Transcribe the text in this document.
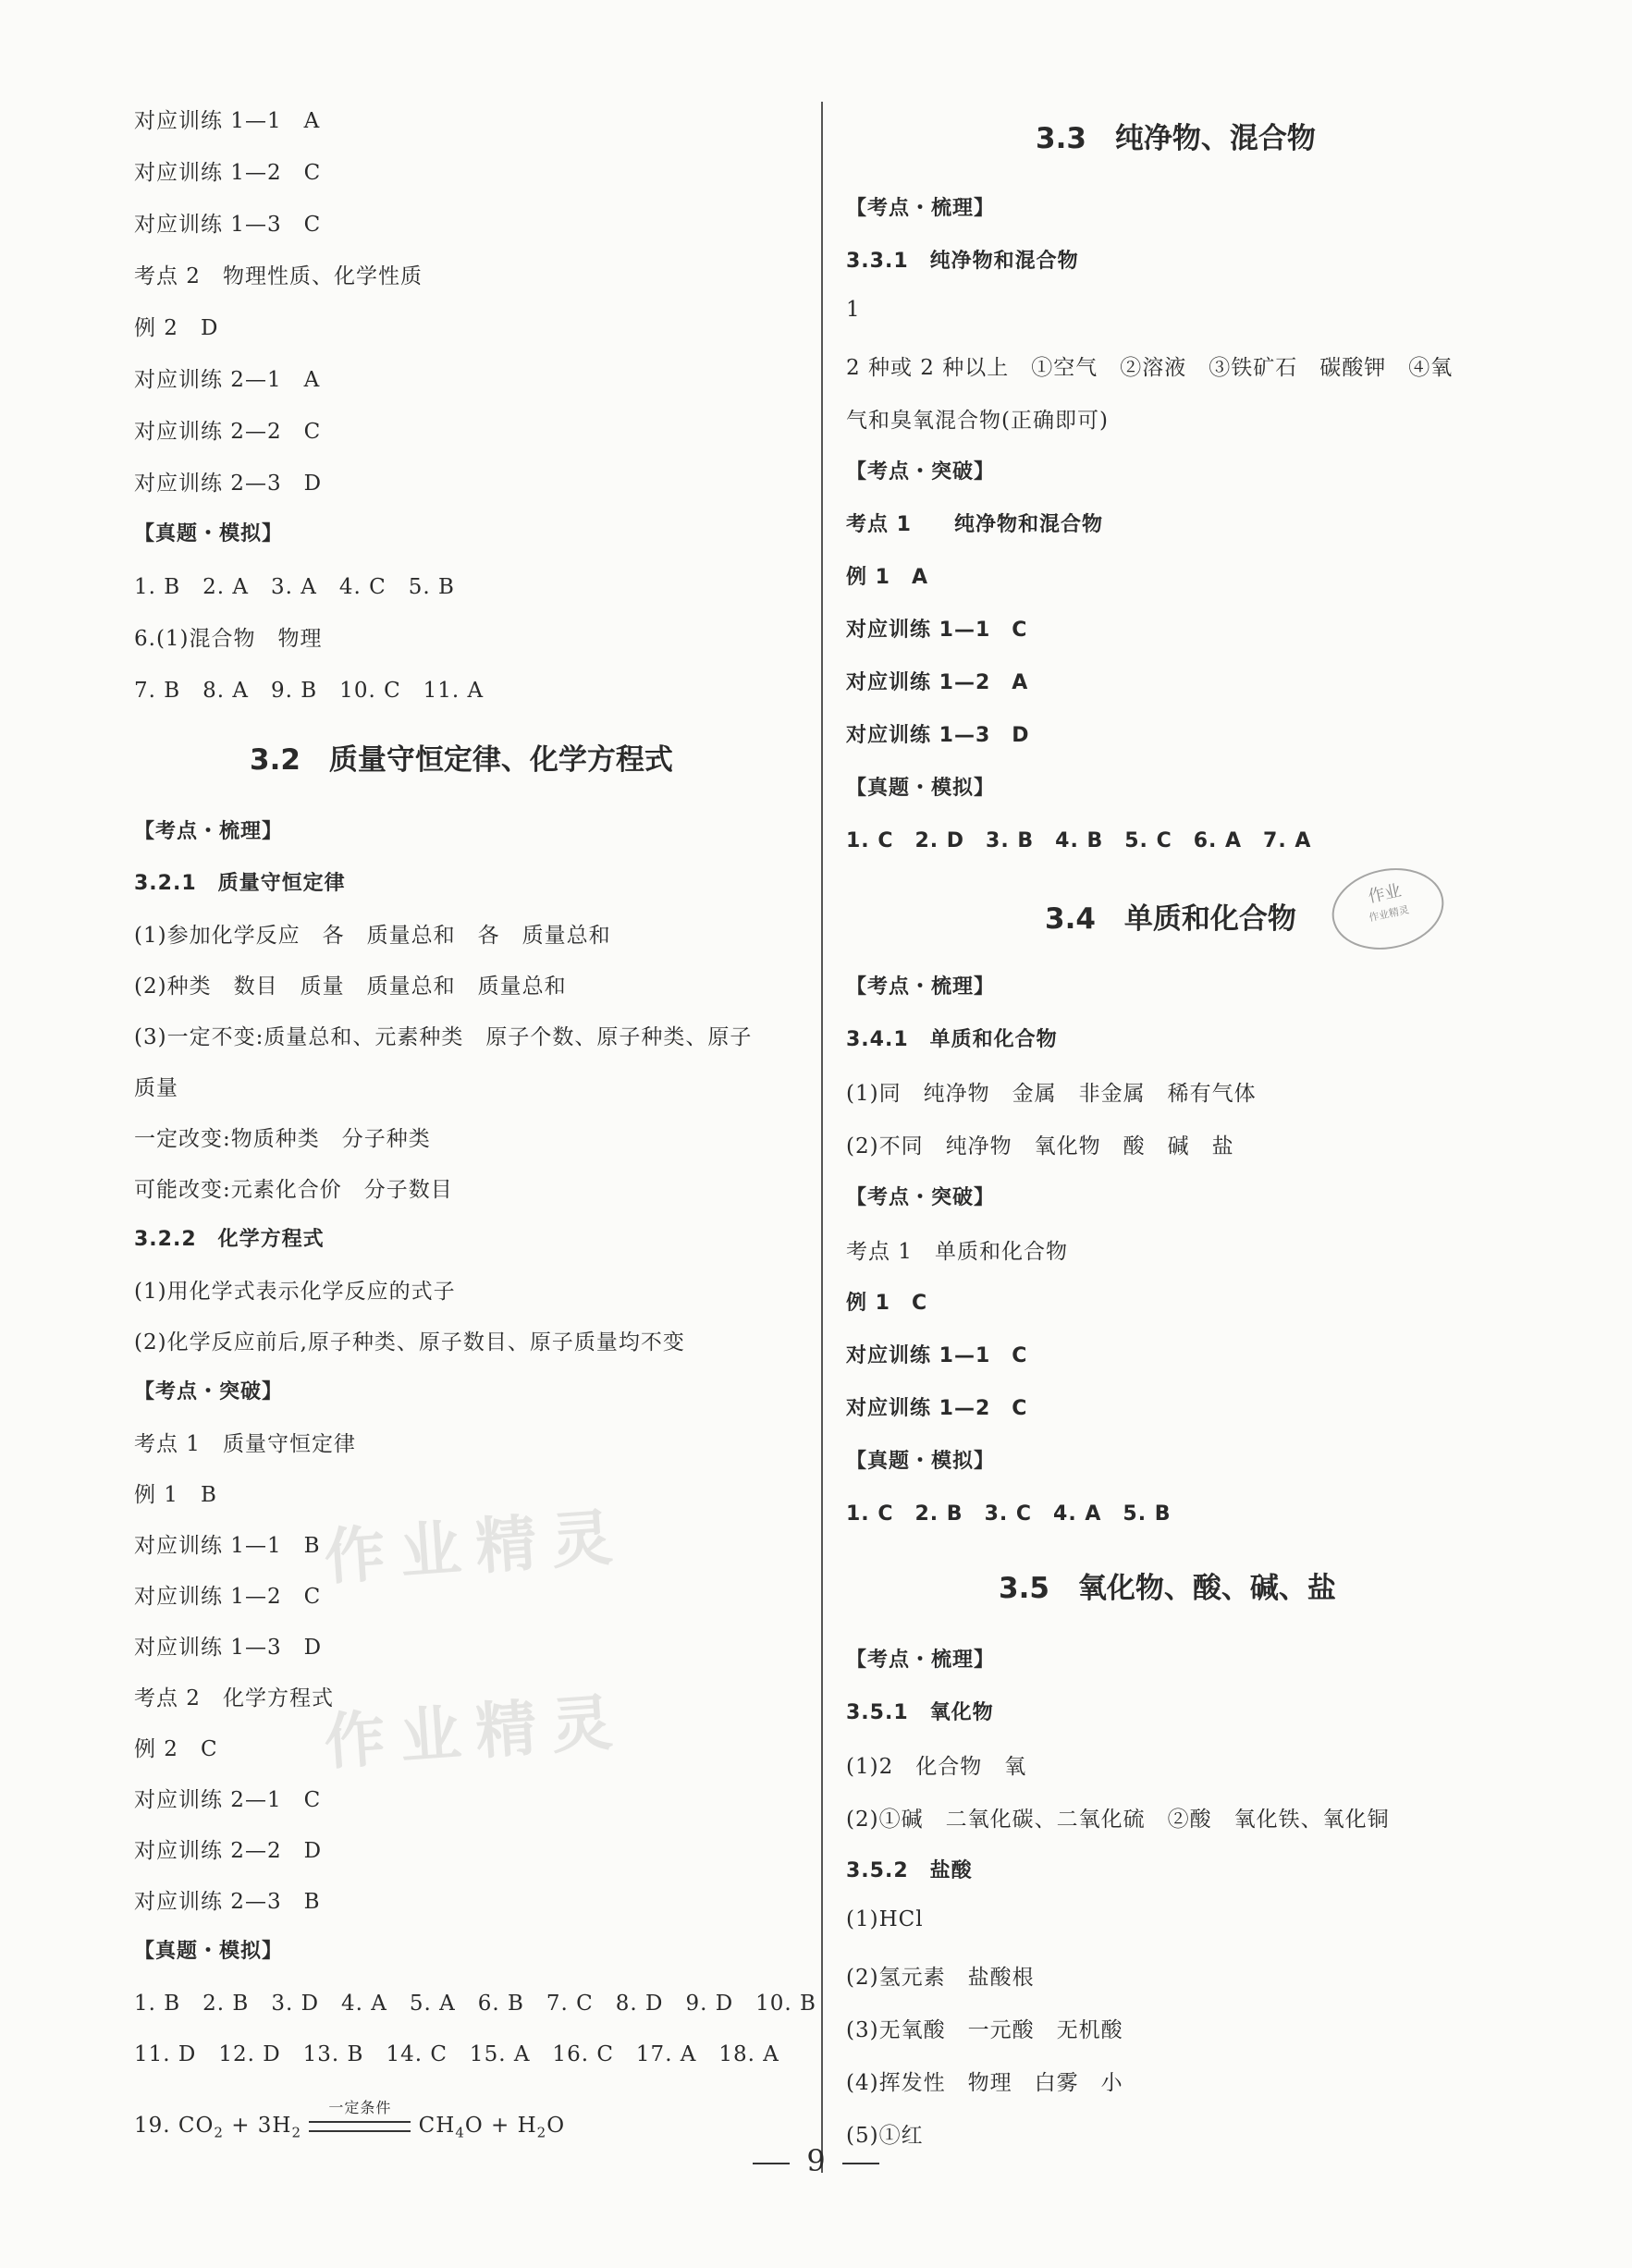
对应训练 1—1　A
对应训练 1—2　C
对应训练 1—3　C
考点 2　物理性质、化学性质
例 2　D
对应训练 2—1　A
对应训练 2—2　C
对应训练 2—3　D
【真题・模拟】
1. B　2. A　3. A　4. C　5. B
6.(1)混合物　物理
7. B　8. A　9. B　10. C　11. A
3.2　质量守恒定律、化学方程式
【考点・梳理】
3.2.1　质量守恒定律
(1)参加化学反应　各　质量总和　各　质量总和
(2)种类　数目　质量　质量总和　质量总和
(3)一定不变:质量总和、元素种类　原子个数、原子种类、原子
质量
一定改变:物质种类　分子种类
可能改变:元素化合价　分子数目
3.2.2　化学方程式
(1)用化学式表示化学反应的式子
(2)化学反应前后,原子种类、原子数目、原子质量均不变
【考点・突破】
考点 1　质量守恒定律
例 1　B
对应训练 1—1　B
对应训练 1—2　C
对应训练 1—3　D
考点 2　化学方程式
例 2　C
对应训练 2—1　C
对应训练 2—2　D
对应训练 2—3　B
【真题・模拟】
1. B　2. B　3. D　4. A　5. A　6. B　7. C　8. D　9. D　10. B
11. D　12. D　13. B　14. C　15. A　16. C　17. A　18. A
19. $CO_2 + 3H_2$
一定条件
$CH_4O + H_2O$
3.3　纯净物、混合物
【考点・梳理】
3.3.1　纯净物和混合物
1
2 种或 2 种以上　①空气　②溶液　③铁矿石　碳酸钾　④氧
气和臭氧混合物(正确即可)
【考点・突破】
考点 1　　纯净物和混合物
例 1　A
对应训练 1—1　C
对应训练 1—2　A
对应训练 1—3　D
【真题・模拟】
1. C　2. D　3. B　4. B　5. C　6. A　7. A
3.4　单质和化合物
【考点・梳理】
3.4.1　单质和化合物
(1)同　纯净物　金属　非金属　稀有气体
(2)不同　纯净物　氧化物　酸　碱　盐
【考点・突破】
考点 1　单质和化合物
例 1　C
对应训练 1—1　C
对应训练 1—2　C
【真题・模拟】
1. C　2. B　3. C　4. A　5. B
3.5　氧化物、酸、碱、盐
【考点・梳理】
3.5.1　氧化物
(1)2　化合物　氧
(2)①碱　二氧化碳、二氧化硫　②酸　氧化铁、氧化铜
3.5.2　盐酸
(1)HCl
(2)氢元素　盐酸根
(3)无氧酸　一元酸　无机酸
(4)挥发性　物理　白雾　小
(5)①红
作业
作业精灵
作业精灵
作业精灵
9
